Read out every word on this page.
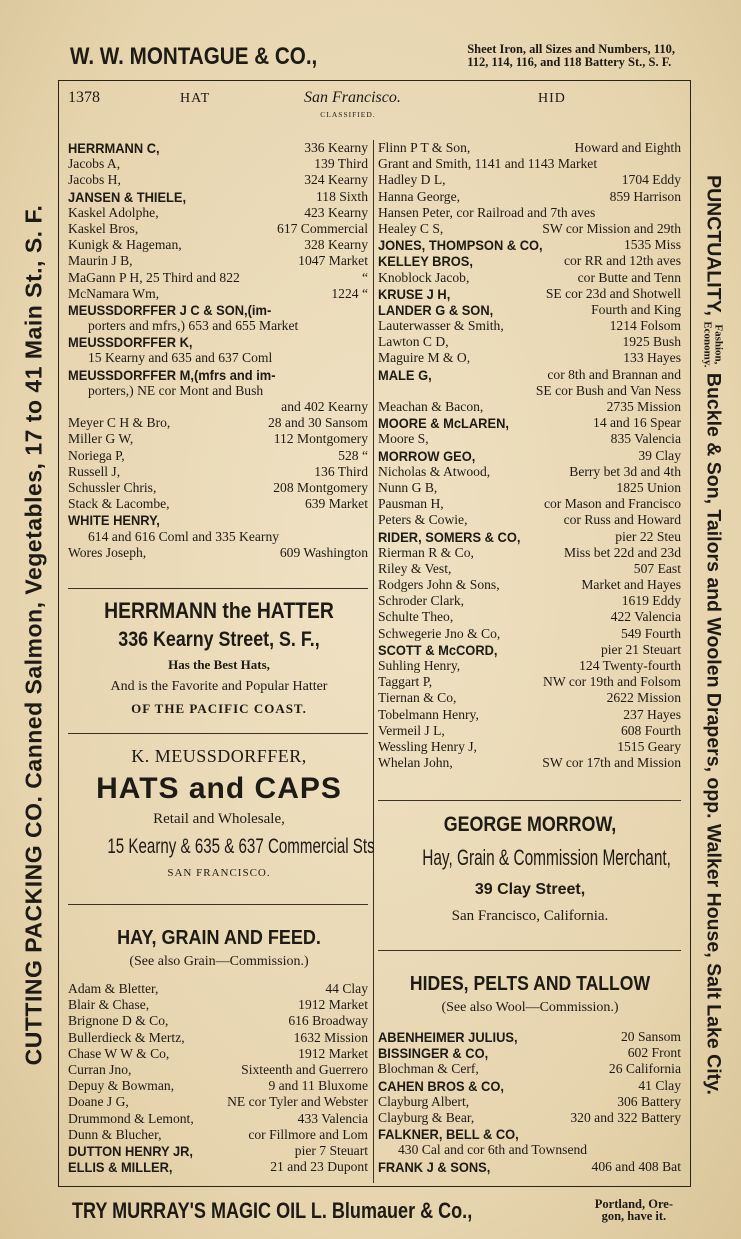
W. W. MONTAGUE & CO.,	Sheet Iron, all Sizes and Numbers, 110,
112, 114, 116, and 118 Battery St., S. F.
CUTTING PACKING CO. Canned Salmon, Vegetables, 17 to 41 Main St., S. F.	PUNCTUALITY, Fashion,
Economy. Buckle & Son, Tailors and Woolen Drapers, opp. Walker House, Salt Lake City.
1378	HAT	San Francisco.	HID
CLASSIFIED.
HERRMANN C,	336 Kearny
Jacobs A,	139 Third
Jacobs H,	324 Kearny
JANSEN & THIELE,	118 Sixth
Kaskel Adolphe,	423 Kearny
Kaskel Bros,	617 Commercial
Kunigk & Hageman,	328 Kearny
Maurin J B,	1047 Market
MaGann P H, 25 Third and 822	“
McNamara Wm,	1224 “
MEUSSDORFFER J C & SON,(im-
porters and mfrs,) 653 and 655 Market
MEUSSDORFFER K,
15 Kearny and 635 and 637 Coml
MEUSSDORFFER M,(mfrs and im-
porters,) NE cor Mont and Bush
and 402 Kearny
Meyer C H & Bro,	28 and 30 Sansom
Miller G W,	112 Montgomery
Noriega P,	528 “
Russell J,	136 Third
Schussler Chris,	208 Montgomery
Stack & Lacombe,	639 Market
WHITE HENRY,
614 and 616 Coml and 335 Kearny
Wores Joseph,	609 Washington
HERRMANN the HATTER
336 Kearny Street, S. F.,
Has the Best Hats,
And is the Favorite and Popular Hatter
OF THE PACIFIC COAST.
K. MEUSSDORFFER,
HATS and CAPS
Retail and Wholesale,
15 Kearny & 635 & 637 Commercial Sts
SAN FRANCISCO.
HAY, GRAIN AND FEED.
(See also Grain—Commission.)
Adam & Bletter,	44 Clay
Blair & Chase,	1912 Market
Brignone D & Co,	616 Broadway
Bullerdieck & Mertz,	1632 Mission
Chase W W & Co,	1912 Market
Curran Jno,	Sixteenth and Guerrero
Depuy & Bowman,	9 and 11 Bluxome
Doane J G,	NE cor Tyler and Webster
Drummond & Lemont,	433 Valencia
Dunn & Blucher,	cor Fillmore and Lom
DUTTON HENRY JR,	pier 7 Steuart
ELLIS & MILLER,	21 and 23 Dupont
Flinn P T & Son,	Howard and Eighth
Grant and Smith, 1141 and 1143 Market
Hadley D L,	1704 Eddy
Hanna George,	859 Harrison
Hansen Peter, cor Railroad and 7th aves
Healey C S,	SW cor Mission and 29th
JONES, THOMPSON & CO,	1535 Miss
KELLEY BROS,	cor RR and 12th aves
Knoblock Jacob,	cor Butte and Tenn
KRUSE J H,	SE cor 23d and Shotwell
LANDER G & SON,	Fourth and King
Lauterwasser & Smith,	1214 Folsom
Lawton C D,	1925 Bush
Maguire M & O,	133 Hayes
MALE G,	cor 8th and Brannan and
SE cor Bush and Van Ness
Meachan & Bacon,	2735 Mission
MOORE & McLAREN,	14 and 16 Spear
Moore S,	835 Valencia
MORROW GEO,	39 Clay
Nicholas & Atwood,	Berry bet 3d and 4th
Nunn G B,	1825 Union
Pausman H,	cor Mason and Francisco
Peters & Cowie,	cor Russ and Howard
RIDER, SOMERS & CO,	pier 22 Steu
Rierman R & Co,	Miss bet 22d and 23d
Riley & Vest,	507 East
Rodgers John & Sons,	Market and Hayes
Schroder Clark,	1619 Eddy
Schulte Theo,	422 Valencia
Schwegerie Jno & Co,	549 Fourth
SCOTT & McCORD,	pier 21 Steuart
Suhling Henry,	124 Twenty-fourth
Taggart P,	NW cor 19th and Folsom
Tiernan & Co,	2622 Mission
Tobelmann Henry,	237 Hayes
Vermeil J L,	608 Fourth
Wessling Henry J,	1515 Geary
Whelan John,	SW cor 17th and Mission
GEORGE MORROW,
Hay, Grain & Commission Merchant,
39 Clay Street,
San Francisco, California.
HIDES, PELTS AND TALLOW
(See also Wool—Commission.)
ABENHEIMER JULIUS,	20 Sansom
BISSINGER & CO,	602 Front
Blochman & Cerf,	26 California
CAHEN BROS & CO,	41 Clay
Clayburg Albert,	306 Battery
Clayburg & Bear,	320 and 322 Battery
FALKNER, BELL & CO,
430 Cal and cor 6th and Townsend
FRANK J & SONS,	406 and 408 Bat
TRY MURRAY'S MAGIC OIL L. Blumauer & Co.,	Portland, Ore-
gon, have it.
